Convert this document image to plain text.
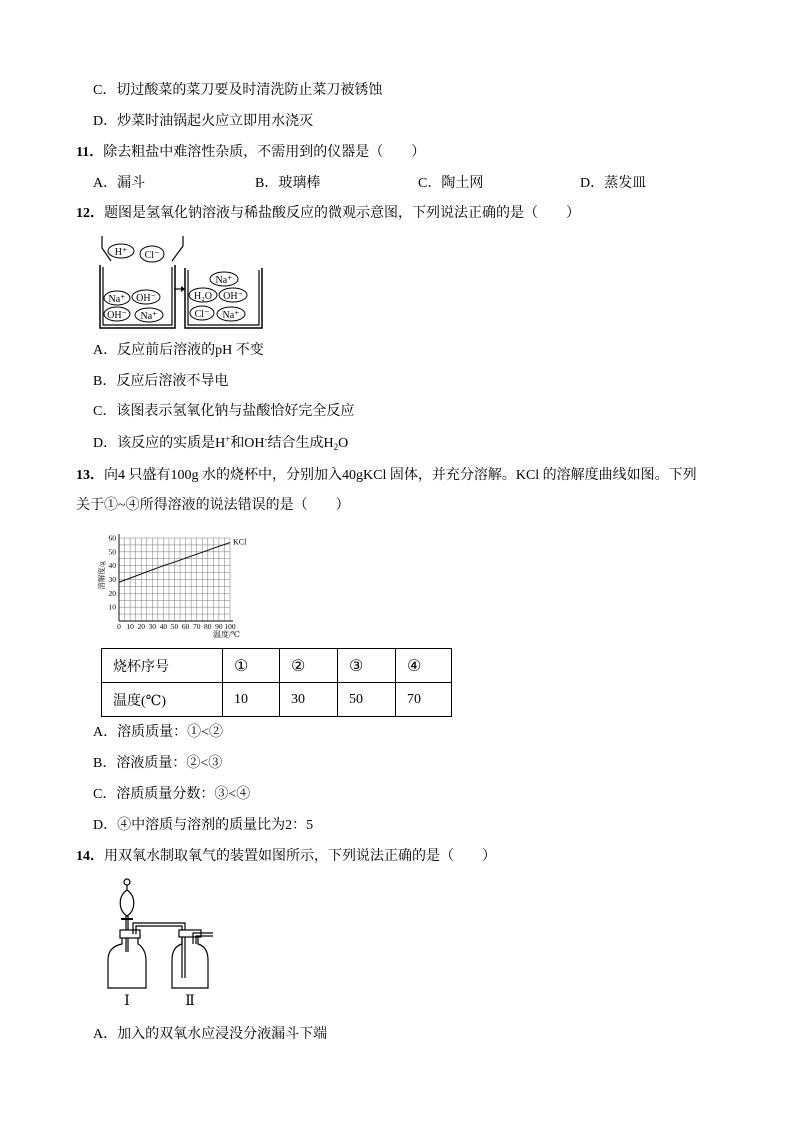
C．切过酸菜的菜刀要及时清洗防止菜刀被锈蚀
D．炒菜时油锅起火应立即用水浇灭
11．除去粗盐中难溶性杂质，不需用到的仪器是（　　）
A．漏斗	B．玻璃棒	C．陶土网	D．蒸发皿
12．题图是氢氧化钠溶液与稀盐酸反应的微观示意图，下列说法正确的是（　　）
H⁺ Cl⁻
Na⁺ OH⁻
OH⁻ Na⁺
Na⁺
H₂O OH⁻
Cl⁻ Na⁺
A．反应前后溶液的pH 不变
B．反应后溶液不导电
C．该图表示氢氧化钠与盐酸恰好完全反应
D．该反应的实质是H+和OH-结合生成$H_2O$
13．向4 只盛有100g 水的烧杯中，分别加入40gKCl 固体，并充分溶解。KCl 的溶解度曲线如图。下列
关于①~④所得溶液的说法错误的是（　　）
0 10 20 30 40 50 60 70 80 90 100
10
20
30
40
50
60	KCl
温度/℃
溶解度/g
烧杯序号	①	②	③	④
温度(℃)	10	30	50	70
A．溶质质量：①<②
B．溶液质量：②<③
C．溶质质量分数：③<④
D．④中溶质与溶剂的质量比为2：5
14．用双氧水制取氧气的装置如图所示，下列说法正确的是（　　）
Ⅰ	Ⅱ
A．加入的双氧水应浸没分液漏斗下端
